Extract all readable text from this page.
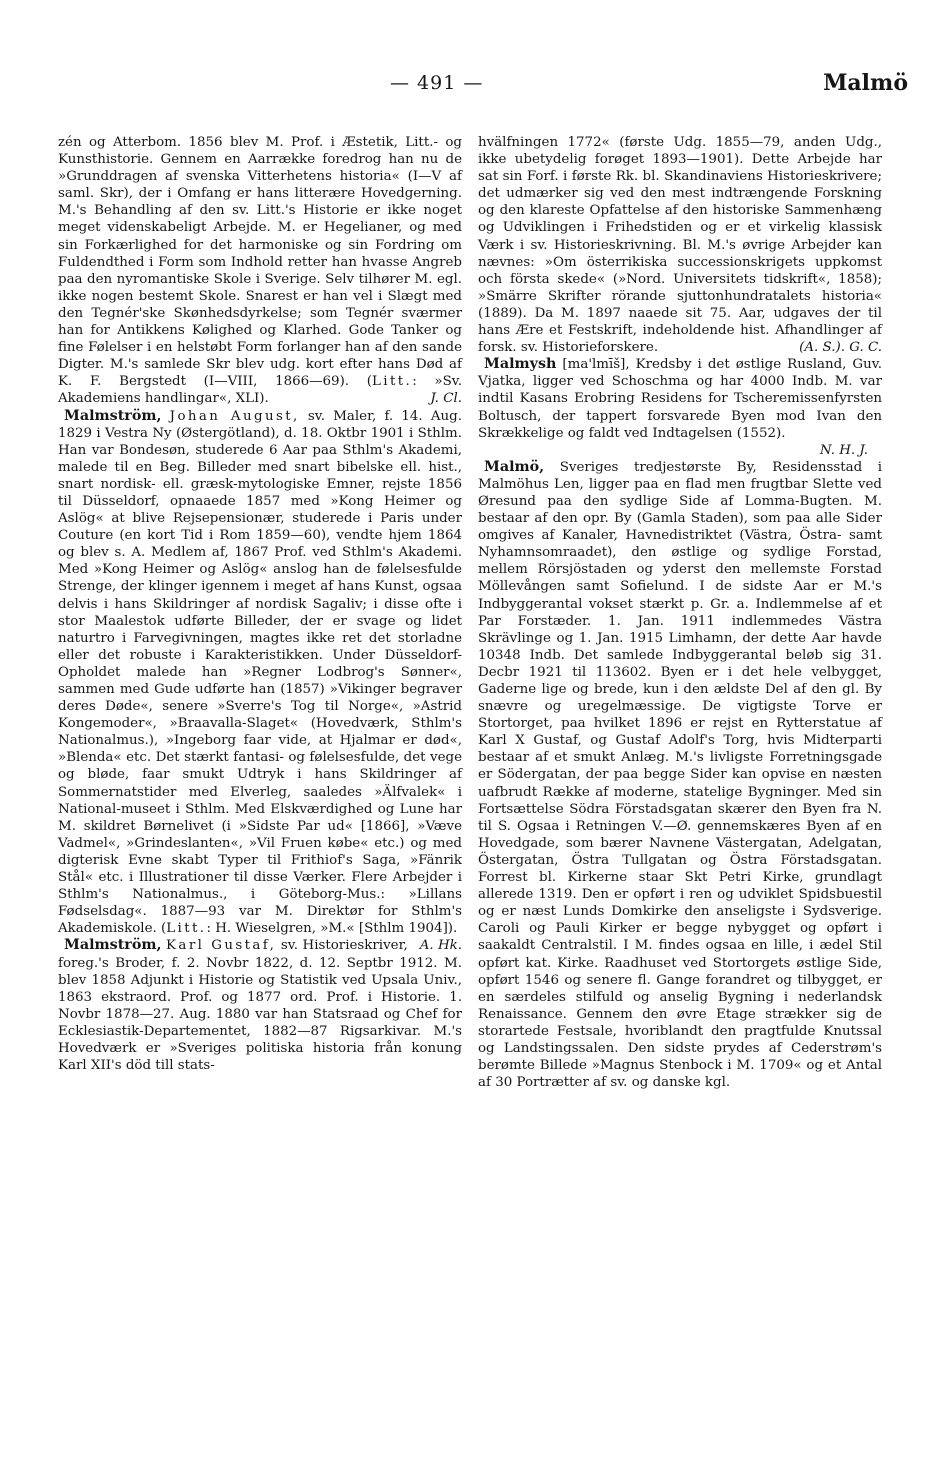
— 491 —	Malmö

zén og Atterbom. 1856 blev M. Prof. i Æstetik, Litt.- og Kunsthistorie. Gennem en Aarrække foredrog han nu de »Grunddragen af svenska Vitterhetens historia« (I—V af saml. Skr), der i Omfang er hans litterære Hovedgerning. M.'s Behandling af den sv. Litt.'s Historie er ikke noget meget videnskabeligt Arbejde. M. er Hegelianer, og med sin Forkærlighed for det harmoniske og sin Fordring om Fuldendthed i Form som Indhold retter han hvasse Angreb paa den nyromantiske Skole i Sverige. Selv tilhører M. egl. ikke nogen bestemt Skole. Snarest er han vel i Slægt med den Tegnér'ske Skønhedsdyrkelse; som Tegnér sværmer han for Antikkens Kølighed og Klarhed. Gode Tanker og fine Følelser i en helstøbt Form forlanger han af den sande Digter. M.'s samlede Skr blev udg. kort efter hans Død af K. F. Bergstedt (I—VIII, 1866—69). (Litt.: »Sv. Akademiens handlingar«, XLI).	J. Cl.

Malmström, Johan August, sv. Maler, f. 14. Aug. 1829 i Vestra Ny (Østergötland), d. 18. Oktbr 1901 i Sthlm. Han var Bondesøn, studerede 6 Aar paa Sthlm's Akademi, malede til en Beg. Billeder med snart bibelske ell. hist., snart nordisk- ell. græsk-mytologiske Emner, rejste 1856 til Düsseldorf, opnaaede 1857 med »Kong Heimer og Aslög« at blive Rejsepensionær, studerede i Paris under Couture (en kort Tid i Rom 1859—60), vendte hjem 1864 og blev s. A. Medlem af, 1867 Prof. ved Sthlm's Akademi. Med »Kong Heimer og Aslög« anslog han de følelsesfulde Strenge, der klinger igennem i meget af hans Kunst, ogsaa delvis i hans Skildringer af nordisk Sagaliv; i disse ofte i stor Maalestok udførte Billeder, der er svage og lidet naturtro i Farvegivningen, magtes ikke ret det storladne eller det robuste i Karakteristikken. Under Düsseldorf-Opholdet malede han »Regner Lodbrog's Sønner«, sammen med Gude udførte han (1857) »Vikinger begraver deres Døde«, senere »Sverre's Tog til Norge«, »Astrid Kongemoder«, »Braavalla-Slaget« (Hovedværk, Sthlm's Nationalmus.), »Ingeborg faar vide, at Hjalmar er død«, »Blenda« etc. Det stærkt fantasi- og følelsesfulde, det vege og bløde, faar smukt Udtryk i hans Skildringer af Sommernatstider med Elverleg, saaledes »Älfvalek« i National-museet i Sthlm. Med Elskværdighed og Lune har M. skildret Børnelivet (i »Sidste Par ud« [1866], »Væve Vadmel«, »Grindeslanten«, »Vil Fruen købe« etc.) og med digterisk Evne skabt Typer til Frithiof's Saga, »Fänrik Stål« etc. i Illustrationer til disse Værker. Flere Arbejder i Sthlm's Nationalmus., i Göteborg-Mus.: »Lillans Fødselsdag«. 1887—93 var M. Direktør for Sthlm's Akademiskole. (Litt.: H. Wieselgren, »M.« [Sthlm 1904]).
A. Hk.

Malmström, Karl Gustaf, sv. Historieskriver, foreg.'s Broder, f. 2. Novbr 1822, d. 12. Septbr 1912. M. blev 1858 Adjunkt i Historie og Statistik ved Upsala Univ., 1863 ekstraord. Prof. og 1877 ord. Prof. i Historie. 1. Novbr 1878—27. Aug. 1880 var han Statsraad og Chef for Ecklesiastik-Departementet, 1882—87 Rigsarkivar. M.'s Hovedværk er »Sveriges politiska historia från konung Karl XII's död till stats-

hvälfningen 1772« (første Udg. 1855—79, anden Udg., ikke ubetydelig forøget 1893—1901). Dette Arbejde har sat sin Forf. i første Rk. bl. Skandinaviens Historieskrivere; det udmærker sig ved den mest indtrængende Forskning og den klareste Opfattelse af den historiske Sammenhæng og Udviklingen i Frihedstiden og er et virkelig klassisk Værk i sv. Historieskrivning. Bl. M.'s øvrige Arbejder kan nævnes: »Om österrikiska successionskrigets uppkomst och första skede« (»Nord. Universitets tidskrift«, 1858); »Smärre Skrifter rörande sjuttonhundratalets historia« (1889). Da M. 1897 naaede sit 75. Aar, udgaves der til hans Ære et Festskrift, indeholdende hist. Afhandlinger af forsk. sv. Historieforskere.	(A. S.). G. C.

Malmysh [ma'lmīš], Kredsby i det østlige Rusland, Guv. Vjatka, ligger ved Schoschma og har 4000 Indb. M. var indtil Kasans Erobring Residens for Tscheremissenfyrsten Boltusch, der tappert forsvarede Byen mod Ivan den Skrækkelige og faldt ved Indtagelsen (1552).

N. H. J.

Malmö, Sveriges tredjestørste By, Residensstad i Malmöhus Len, ligger paa en flad men frugtbar Slette ved Øresund paa den sydlige Side af Lomma-Bugten. M. bestaar af den opr. By (Gamla Staden), som paa alle Sider omgives af Kanaler, Havnedistriktet (Västra, Östra- samt Nyhamnsomraadet), den østlige og sydlige Forstad, mellem Rörsjöstaden og yderst den mellemste Forstad Möllevången samt Sofielund. I de sidste Aar er M.'s Indbyggerantal vokset stærkt p. Gr. a. Indlemmelse af et Par Forstæder. 1. Jan. 1911 indlemmedes Västra Skrävlinge og 1. Jan. 1915 Limhamn, der dette Aar havde 10348 Indb. Det samlede Indbyggerantal beløb sig 31. Decbr 1921 til 113602. Byen er i det hele velbygget, Gaderne lige og brede, kun i den ældste Del af den gl. By snævre og uregelmæssige. De vigtigste Torve er Stortorget, paa hvilket 1896 er rejst en Rytterstatue af Karl X Gustaf, og Gustaf Adolf's Torg, hvis Midterparti bestaar af et smukt Anlæg. M.'s livligste Forretningsgade er Södergatan, der paa begge Sider kan opvise en næsten uafbrudt Række af moderne, statelige Bygninger. Med sin Fortsættelse Södra Förstadsgatan skærer den Byen fra N. til S. Ogsaa i Retningen V.—Ø. gennemskæres Byen af en Hovedgade, som bærer Navnene Västergatan, Adelgatan, Östergatan, Östra Tullgatan og Östra Förstadsgatan. Forrest bl. Kirkerne staar Skt Petri Kirke, grundlagt allerede 1319. Den er opført i ren og udviklet Spidsbuestil og er næst Lunds Domkirke den anseligste i Sydsverige. Caroli og Pauli Kirker er begge nybygget og opført i saakaldt Centralstil. I M. findes ogsaa en lille, i ædel Stil opført kat. Kirke. Raadhuset ved Stortorgets østlige Side, opført 1546 og senere fl. Gange forandret og tilbygget, er en særdeles stilfuld og anselig Bygning i nederlandsk Renaissance. Gennem den øvre Etage strækker sig de storartede Festsale, hvoriblandt den pragtfulde Knutssal og Landstingssalen. Den sidste prydes af Cederstrøm's berømte Billede »Magnus Stenbock i M. 1709« og et Antal af 30 Portrætter af sv. og danske kgl.
